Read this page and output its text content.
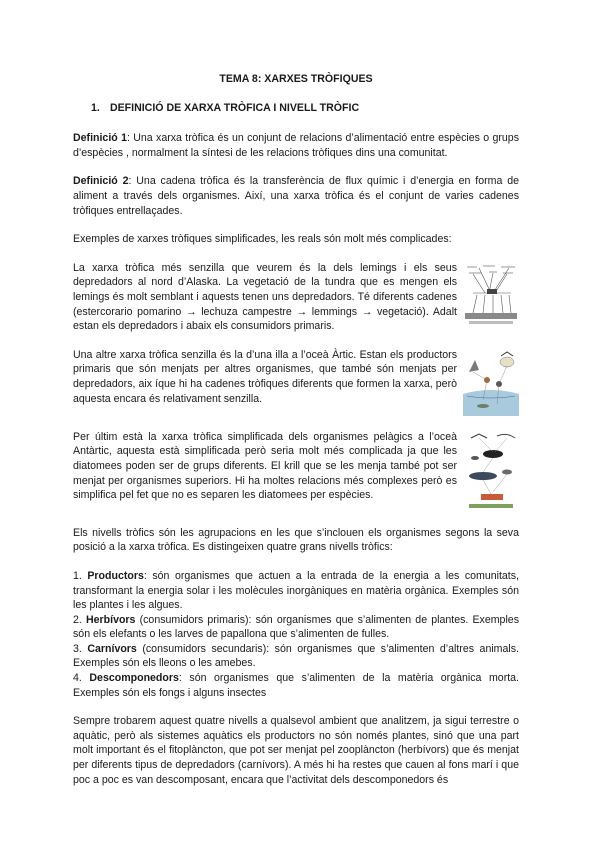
TEMA 8: XARXES TRÒFIQUES
1. DEFINICIÓ DE XARXA TRÒFICA I NIVELL TRÒFIC

Definició 1: Una xarxa tròfica és un conjunt de relacions d’alimentació entre espècies o grups d’espècies , normalment la síntesi de les relacions tròfiques dins una comunitat.

Definició 2: Una cadena tròfica és la transferència de flux químic i d’energia en forma de aliment a través dels organismes. Així, una xarxa tròfica és el conjunt de varies cadenes tròfiques entrellaçades.

Exemples de xarxes tròfiques simplificades, les reals són molt més complicades:

La xarxa tròfica més senzilla que veurem és la dels lemings i els seus depredadors al nord d’Alaska. La vegetació de la tundra que es mengen els lemings és molt semblant i aquests tenen uns depredadors. Té diferents cadenes (estercorario pomarino → lechuza campestre → lemmings → vegetació). Adalt estan els depredadors i abaix els consumidors primaris.

Una altre xarxa tròfica senzilla és la d’una illa a l’oceà Àrtic. Estan els productors primaris que són menjats per altres organismes, que també són menjats per depredadors, aix íque hi ha cadenes tròfiques diferents que formen la xarxa, però aquesta encara és relativament senzilla.

Per últim està la xarxa tròfica simplificada dels organismes pelàgics a l’oceà Antàrtic, aquesta està simplificada però seria molt més complicada ja que les diatomees poden ser de grups diferents. El krill que se les menja també pot ser menjat per organismes superiors. Hi ha moltes relacions més complexes però es simplifica pel fet que no es separen les diatomees per espècies.

Els nivells tròfics són les agrupacions en les que s’inclouen els organismes segons la seva posició a la xarxa tròfica. Es distingeixen quatre grans nivells tròfics:

1. Productors: són organismes que actuen a la entrada de la energia a les comunitats, transformant la energia solar i les molècules inorgàniques en matèria orgànica. Exemples són les plantes i les algues.
2. Herbívors (consumidors primaris): són organismes que s’alimenten de plantes. Exemples són els elefants o les larves de papallona que s’alimenten de fulles.
3. Carnívors (consumidors secundaris): són organismes que s’alimenten d’altres animals. Exemples són els lleons o les amebes.
4. Descomponedors: són organismes que s’alimenten de la matèria orgànica morta. Exemples són els fongs i alguns insectes

Sempre trobarem aquest quatre nivells a qualsevol ambient que analitzem, ja sigui terrestre o aquàtic, però als sistemes aquàtics els productors no són només plantes, sinó que una part molt important és el fitoplàncton, que pot ser menjat pel zooplàncton (herbívors) que és menjat per diferents tipus de depredadors (carnívors). A més hi ha restes que cauen al fons marí i que poc a poc es van descomposant, encara que l’activitat dels descomponedors és
